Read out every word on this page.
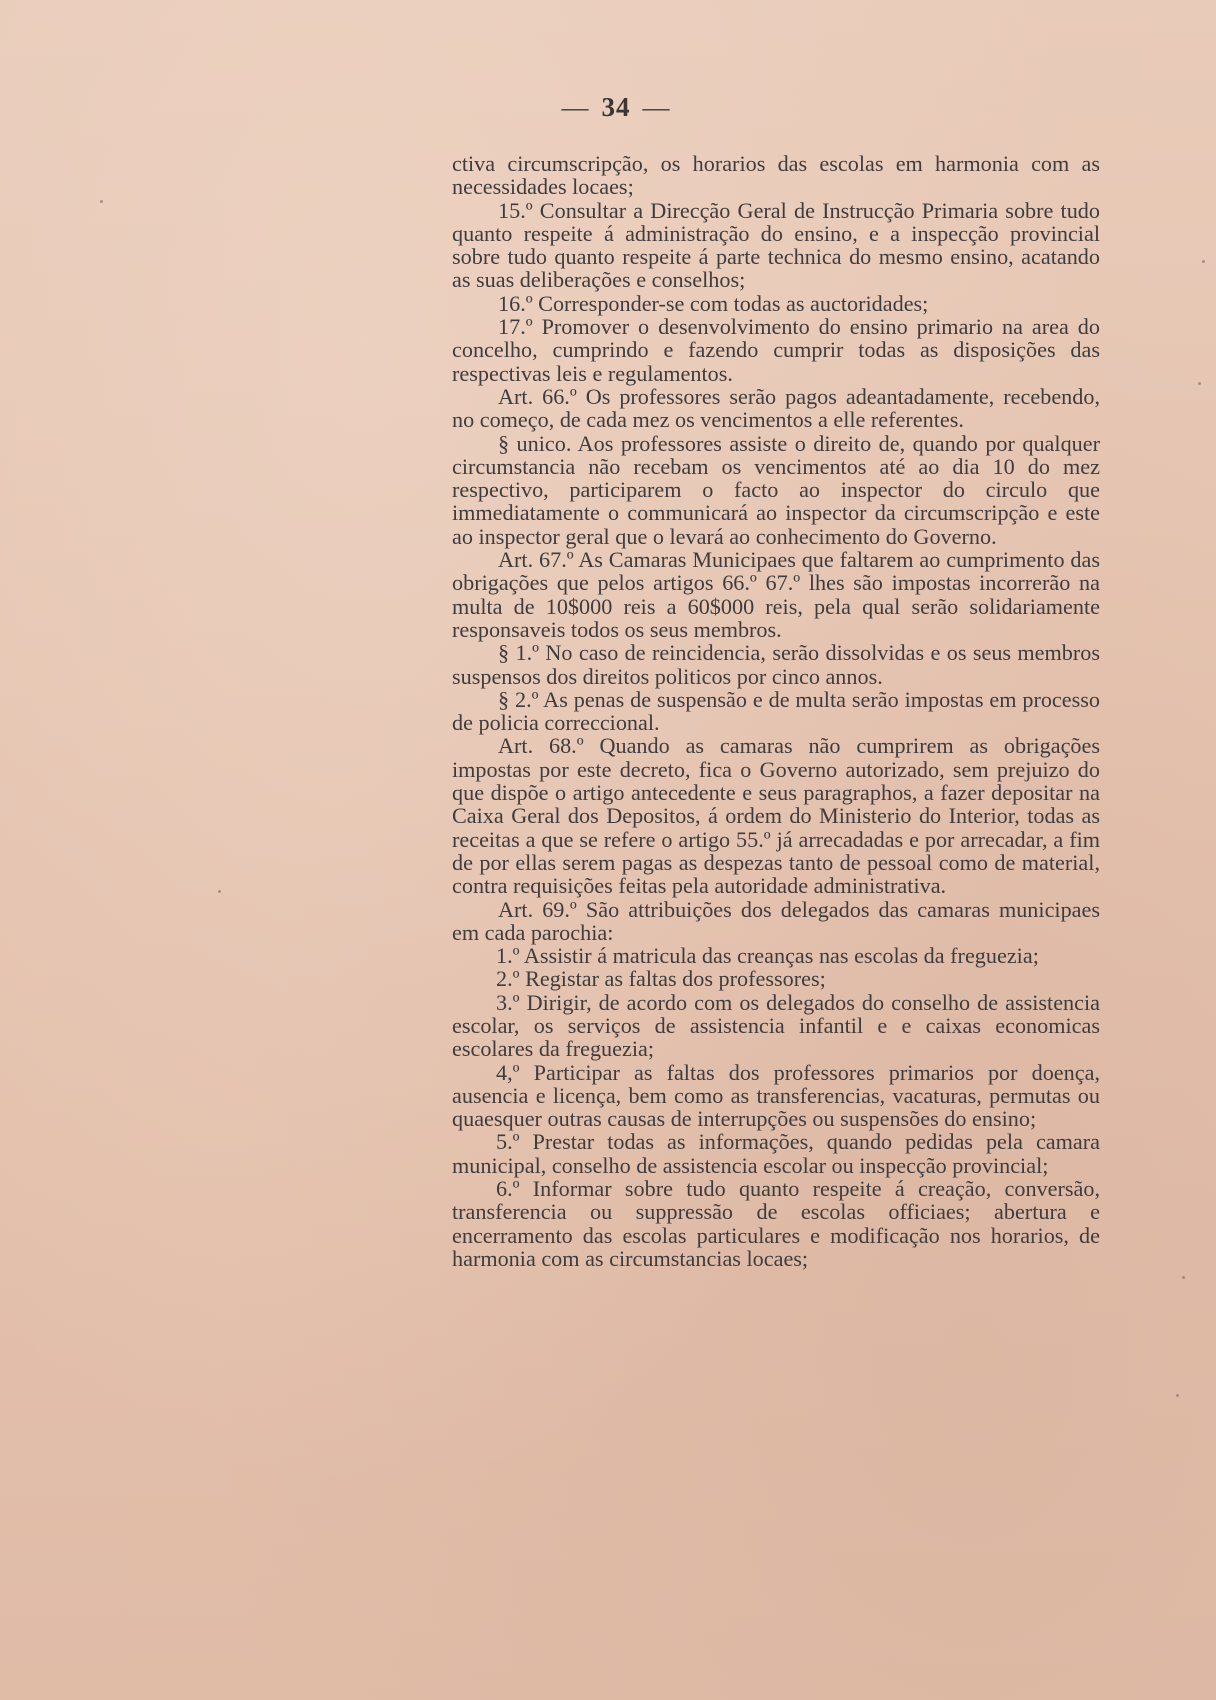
— 34 —

ctiva circumscripção, os horarios das escolas em harmonia com as necessidades locaes;

15.º Consultar a Direcção Geral de Instrucção Primaria sobre tudo quanto respeite á administração do ensino, e a inspecção provincial sobre tudo quanto respeite á parte technica do mesmo ensino, acatando as suas deliberações e conselhos;

16.º Corresponder-se com todas as auctoridades;

17.º Promover o desenvolvimento do ensino primario na area do concelho, cumprindo e fazendo cumprir todas as disposições das respectivas leis e regulamentos.

Art. 66.º Os professores serão pagos adeantadamente, recebendo, no começo, de cada mez os vencimentos a elle referentes.

§ unico. Aos professores assiste o direito de, quando por qualquer circumstancia não recebam os vencimentos até ao dia 10 do mez respectivo, participarem o facto ao inspector do circulo que immediatamente o communicará ao inspector da circumscripção e este ao inspector geral que o levará ao conhecimento do Governo.

Art. 67.º As Camaras Municipaes que faltarem ao cumprimento das obrigações que pelos artigos 66.º 67.º lhes são impostas incorrerão na multa de 10$000 reis a 60$000 reis, pela qual serão solidariamente responsaveis todos os seus membros.

§ 1.º No caso de reincidencia, serão dissolvidas e os seus membros suspensos dos direitos politicos por cinco annos.

§ 2.º As penas de suspensão e de multa serão impostas em processo de policia correccional.

Art. 68.º Quando as camaras não cumprirem as obrigações impostas por este decreto, fica o Governo autorizado, sem prejuizo do que dispõe o artigo antecedente e seus paragraphos, a fazer depositar na Caixa Geral dos Depositos, á ordem do Ministerio do Interior, todas as receitas a que se refere o artigo 55.º já arrecadadas e por arrecadar, a fim de por ellas serem pagas as despezas tanto de pessoal como de material, contra requisições feitas pela autoridade administrativa.

Art. 69.º São attribuições dos delegados das camaras municipaes em cada parochia:

1.º Assistir á matricula das creanças nas escolas da freguezia;

2.º Registar as faltas dos professores;

3.º Dirigir, de acordo com os delegados do conselho de assistencia escolar, os serviços de assistencia infantil e e caixas economicas escolares da freguezia;

4,º Participar as faltas dos professores primarios por doença, ausencia e licença, bem como as transferencias, vacaturas, permutas ou quaesquer outras causas de interrupções ou suspensões do ensino;

5.º Prestar todas as informações, quando pedidas pela camara municipal, conselho de assistencia escolar ou inspecção provincial;

6.º Informar sobre tudo quanto respeite á creação, conversão, transferencia ou suppressão de escolas officiaes; abertura e encerramento das escolas particulares e modificação nos horarios, de harmonia com as circumstancias locaes;
